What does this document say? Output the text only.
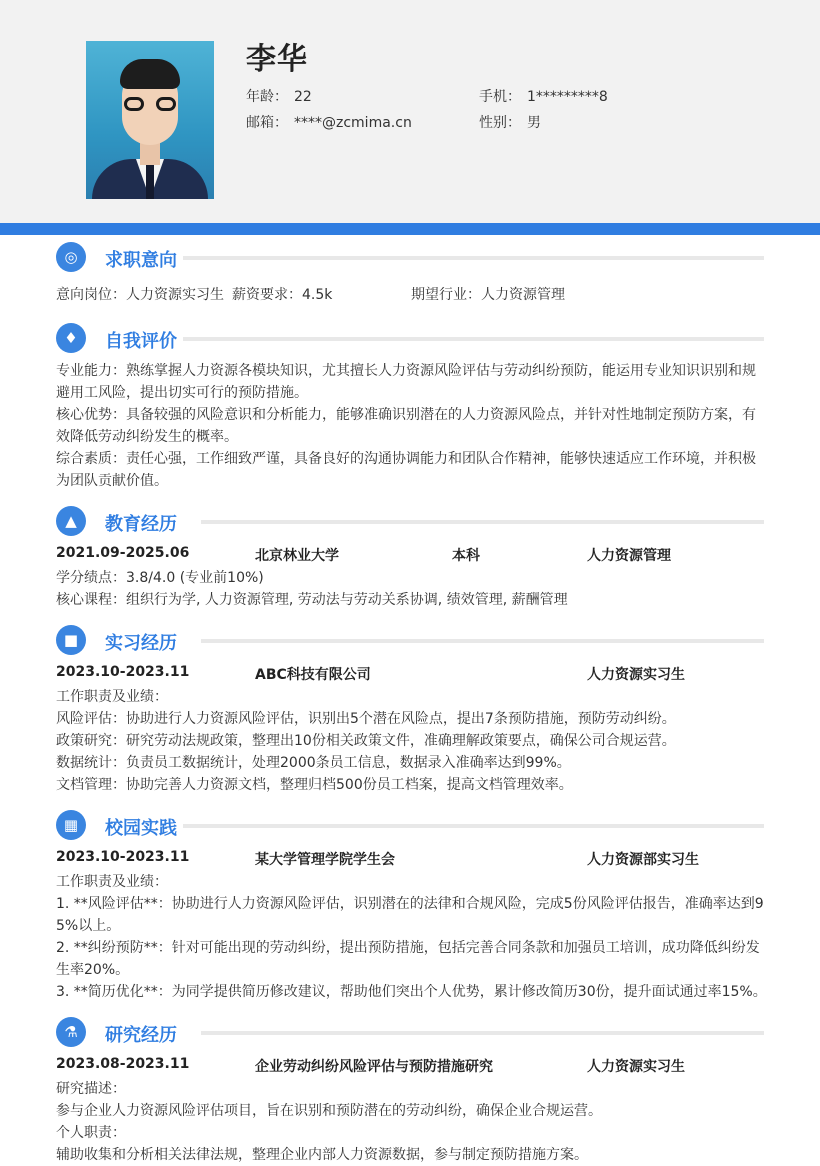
李华
年龄： 22	手机： 1*********8
邮箱： ****@zcmima.cn	性别： 男
◎	求职意向
意向岗位：人力资源实习生 薪资要求：4.5k	期望行业：人力资源管理
♦	自我评价
专业能力：熟练掌握人力资源各模块知识，尤其擅长人力资源风险评估与劳动纠纷预防，能运用专业知识识别和规避用工风险，提出切实可行的预防措施。
核心优势：具备较强的风险意识和分析能力，能够准确识别潜在的人力资源风险点，并针对性地制定预防方案，有效降低劳动纠纷发生的概率。
综合素质：责任心强，工作细致严谨，具备良好的沟通协调能力和团队合作精神，能够快速适应工作环境，并积极为团队贡献价值。
▲	教育经历
2021.09-2025.06	北京林业大学	本科	人力资源管理
学分绩点：3.8/4.0 (专业前10%)
核心课程：组织行为学, 人力资源管理, 劳动法与劳动关系协调, 绩效管理, 薪酬管理
■	实习经历
2023.10-2023.11	ABC科技有限公司	人力资源实习生
工作职责及业绩：
风险评估：协助进行人力资源风险评估，识别出5个潜在风险点，提出7条预防措施，预防劳动纠纷。
政策研究：研究劳动法规政策，整理出10份相关政策文件，准确理解政策要点，确保公司合规运营。
数据统计：负责员工数据统计，处理2000条员工信息，数据录入准确率达到99%。
文档管理：协助完善人力资源文档，整理归档500份员工档案，提高文档管理效率。
▦	校园实践
2023.10-2023.11	某大学管理学院学生会	人力资源部实习生
工作职责及业绩：
1. **风险评估**：协助进行人力资源风险评估，识别潜在的法律和合规风险，完成5份风险评估报告，准确率达到95%以上。
2. **纠纷预防**：针对可能出现的劳动纠纷，提出预防措施，包括完善合同条款和加强员工培训，成功降低纠纷发生率20%。
3. **简历优化**：为同学提供简历修改建议，帮助他们突出个人优势，累计修改简历30份，提升面试通过率15%。
⚗	研究经历
2023.08-2023.11	企业劳动纠纷风险评估与预防措施研究	人力资源实习生
研究描述：
参与企业人力资源风险评估项目，旨在识别和预防潜在的劳动纠纷，确保企业合规运营。
个人职责：
辅助收集和分析相关法律法规，整理企业内部人力资源数据，参与制定预防措施方案。
